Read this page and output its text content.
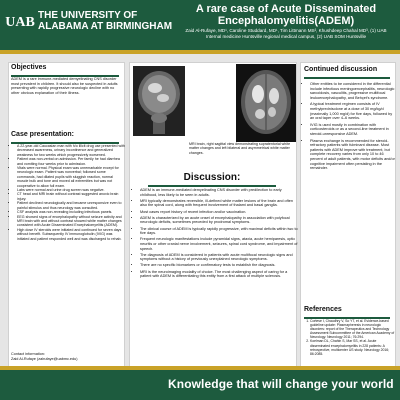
UAB THE UNIVERSITY OF
ALABAMA AT BIRMINGHAM
A rare case of Acute Disseminated
Encephalomyelitis(ADEM)
Zaid Al-Rufaye, MD¹, Caroline Studdard, MD¹, Tim Littmann MS², Khushdeep Chahal MD³, (1) UAB
Internal medicine Huntsville regional medical campus, (2) UAB SOM Huntsville
Objectives
ADEM is a rare immune-mediated demyelinating CNS disorder most prevalent in children. It should also be suspected in adults presenting with rapidly progressive neurologic decline with no other obvious explanation of their illness.
Case presentation:
• A 22-year-old Caucasian man with h/o illicit drug use presented with decreased awareness, urinary incontinence and generalized weakness for two weeks which progressively worsened.
• Patient was non-verbal on admission. Per family he had diarrhea and vomiting four weeks prior to admission.
• Vitals were normal. Physical exam was unremarkable except for neurologic exam. Patient was nonverbal; followed some commands, had dilated pupils with sluggish reaction, normal muscle bulk and tone and moved all extremities but was not cooperative to allow full exam.
• Labs were normal and urine drug screen was negative.
• CT head and MRI brain without contrast suggested anoxic brain injury.
• Patient declined neurologically and became unresponsive even to painful stimulus and thus neurology was consulted.
• CSF analysis was non-revealing including infectious panels.
• EEG showed signs of encephalopathy without seizure activity and MRI brain with and without contrast showed white matter changes consistent with Acute Disseminated Encephalomyelitis (ADEM).
• High dose IV steroids were initiated and continued for seven days without benefit. Subsequently IV immunoglobulin (IVIG) was initiated and patient responded well and was discharged to rehab.
Contact information:
Zaid Al-Rufaye (zalrufaye@uabmc.edu)
MRI brain, right sagittal view demonstrating supratentorial white matter changes and left bilateral and asymmetrical white matter changes.
Discussion:
• ADEM is an immune-mediated demyelinating CNS disorder with predilection to early childhood, less likely to be seen in adults.
• MRI typically demonstrates reversible, ill-defined white matter lesions of the brain and often also the spinal cord, along with frequent involvement of thalami and basal ganglia.
• Most cases report history of recent infection and/or vaccination.
• ADEM is characterized by an acute onset of encephalopathy in association with polyfocal neurologic deficits, sometimes preceded by prodromal symptoms.
• The clinical course of ADEM is typically rapidly progressive, with maximal deficits within two to five days.
• Frequent neurologic manifestations include pyramidal signs, ataxia, acute hemiparesis, optic neuritis or other cranial nerve involvement, seizures, spinal cord syndrome, and impairment of speech.
• The diagnosis of ADEM is considered in patients with acute multifocal neurologic signs and symptoms without a history of previously unexplained neurologic symptoms.
• There are no specific biomarkers or confirmatory tests to establish the diagnosis.
• MRI is the neuroimaging modality of choice. The most challenging aspect of caring for a patient with ADEM is differentiating this entity from a first attack of multiple sclerosis.
Continued discussion
• Other entities to be considered in the differential include infectious meningoencephalitis, neurologic sarcoidosis, vasculitis, progressive multifocal leukoencephalopathy, and Behçet's syndrome.
• A typical treatment regimen consists of IV methylprednisolone at a dose of 30 mg/kg/d (maximally 1,000 mg/d) for five days, followed by an oral taper over 4–6 weeks.
• IVIG is used mostly in combination with corticosteroids or as a second-line treatment in steroid-unresponsive ADEM.
• Plasma exchange is recommended for steroid-refractory patients with fulminant disease. Most patients with ADEM improve with treatment, but complete recovery varies from only 10 to 46 percent of adult patients, with motor deficits and/or cognitive impairment often persisting in the remainder.
References
1. Cortese I, Chaudhry V, So YT, et al. Evidence-based guideline update: Plasmapheresis in neurologic disorders: report of the Therapeutics and Technology Assessment Subcommittee of the American Academy of Neurology. Neurology 2011; 76:294.
2. Koelman DL, Chahin S, Mar SS, et al. Acute disseminated encephalomyelitis in 228 patients: A retrospective, multicenter US study. Neurology 2016; 86:2085.
Knowledge that will change your world
